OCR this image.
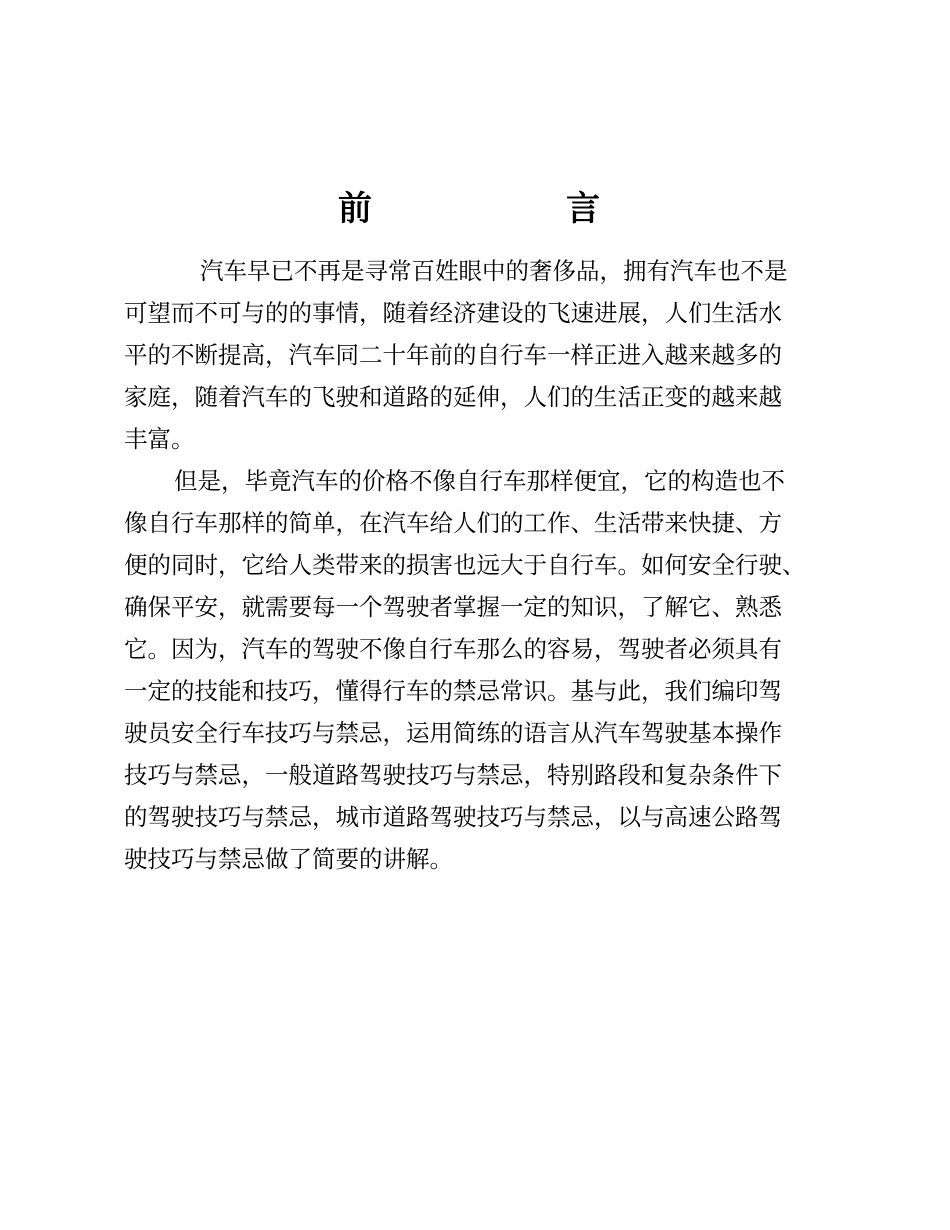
前	言
汽车早已不再是寻常百姓眼中的奢侈品，拥有汽车也不是
可望而不可与的的事情，随着经济建设的飞速进展，人们生活水
平的不断提高，汽车同二十年前的自行车一样正进入越来越多的
家庭，随着汽车的飞驶和道路的延伸，人们的生活正变的越来越
丰富。
但是，毕竟汽车的价格不像自行车那样便宜，它的构造也不
像自行车那样的简单，在汽车给人们的工作、生活带来快捷、方
便的同时，它给人类带来的损害也远大于自行车。如何安全行驶、
确保平安，就需要每一个驾驶者掌握一定的知识，了解它、熟悉
它。因为，汽车的驾驶不像自行车那么的容易，驾驶者必须具有
一定的技能和技巧，懂得行车的禁忌常识。基与此，我们编印驾
驶员安全行车技巧与禁忌，运用简练的语言从汽车驾驶基本操作
技巧与禁忌，一般道路驾驶技巧与禁忌，特别路段和复杂条件下
的驾驶技巧与禁忌，城市道路驾驶技巧与禁忌，以与高速公路驾
驶技巧与禁忌做了简要的讲解。
